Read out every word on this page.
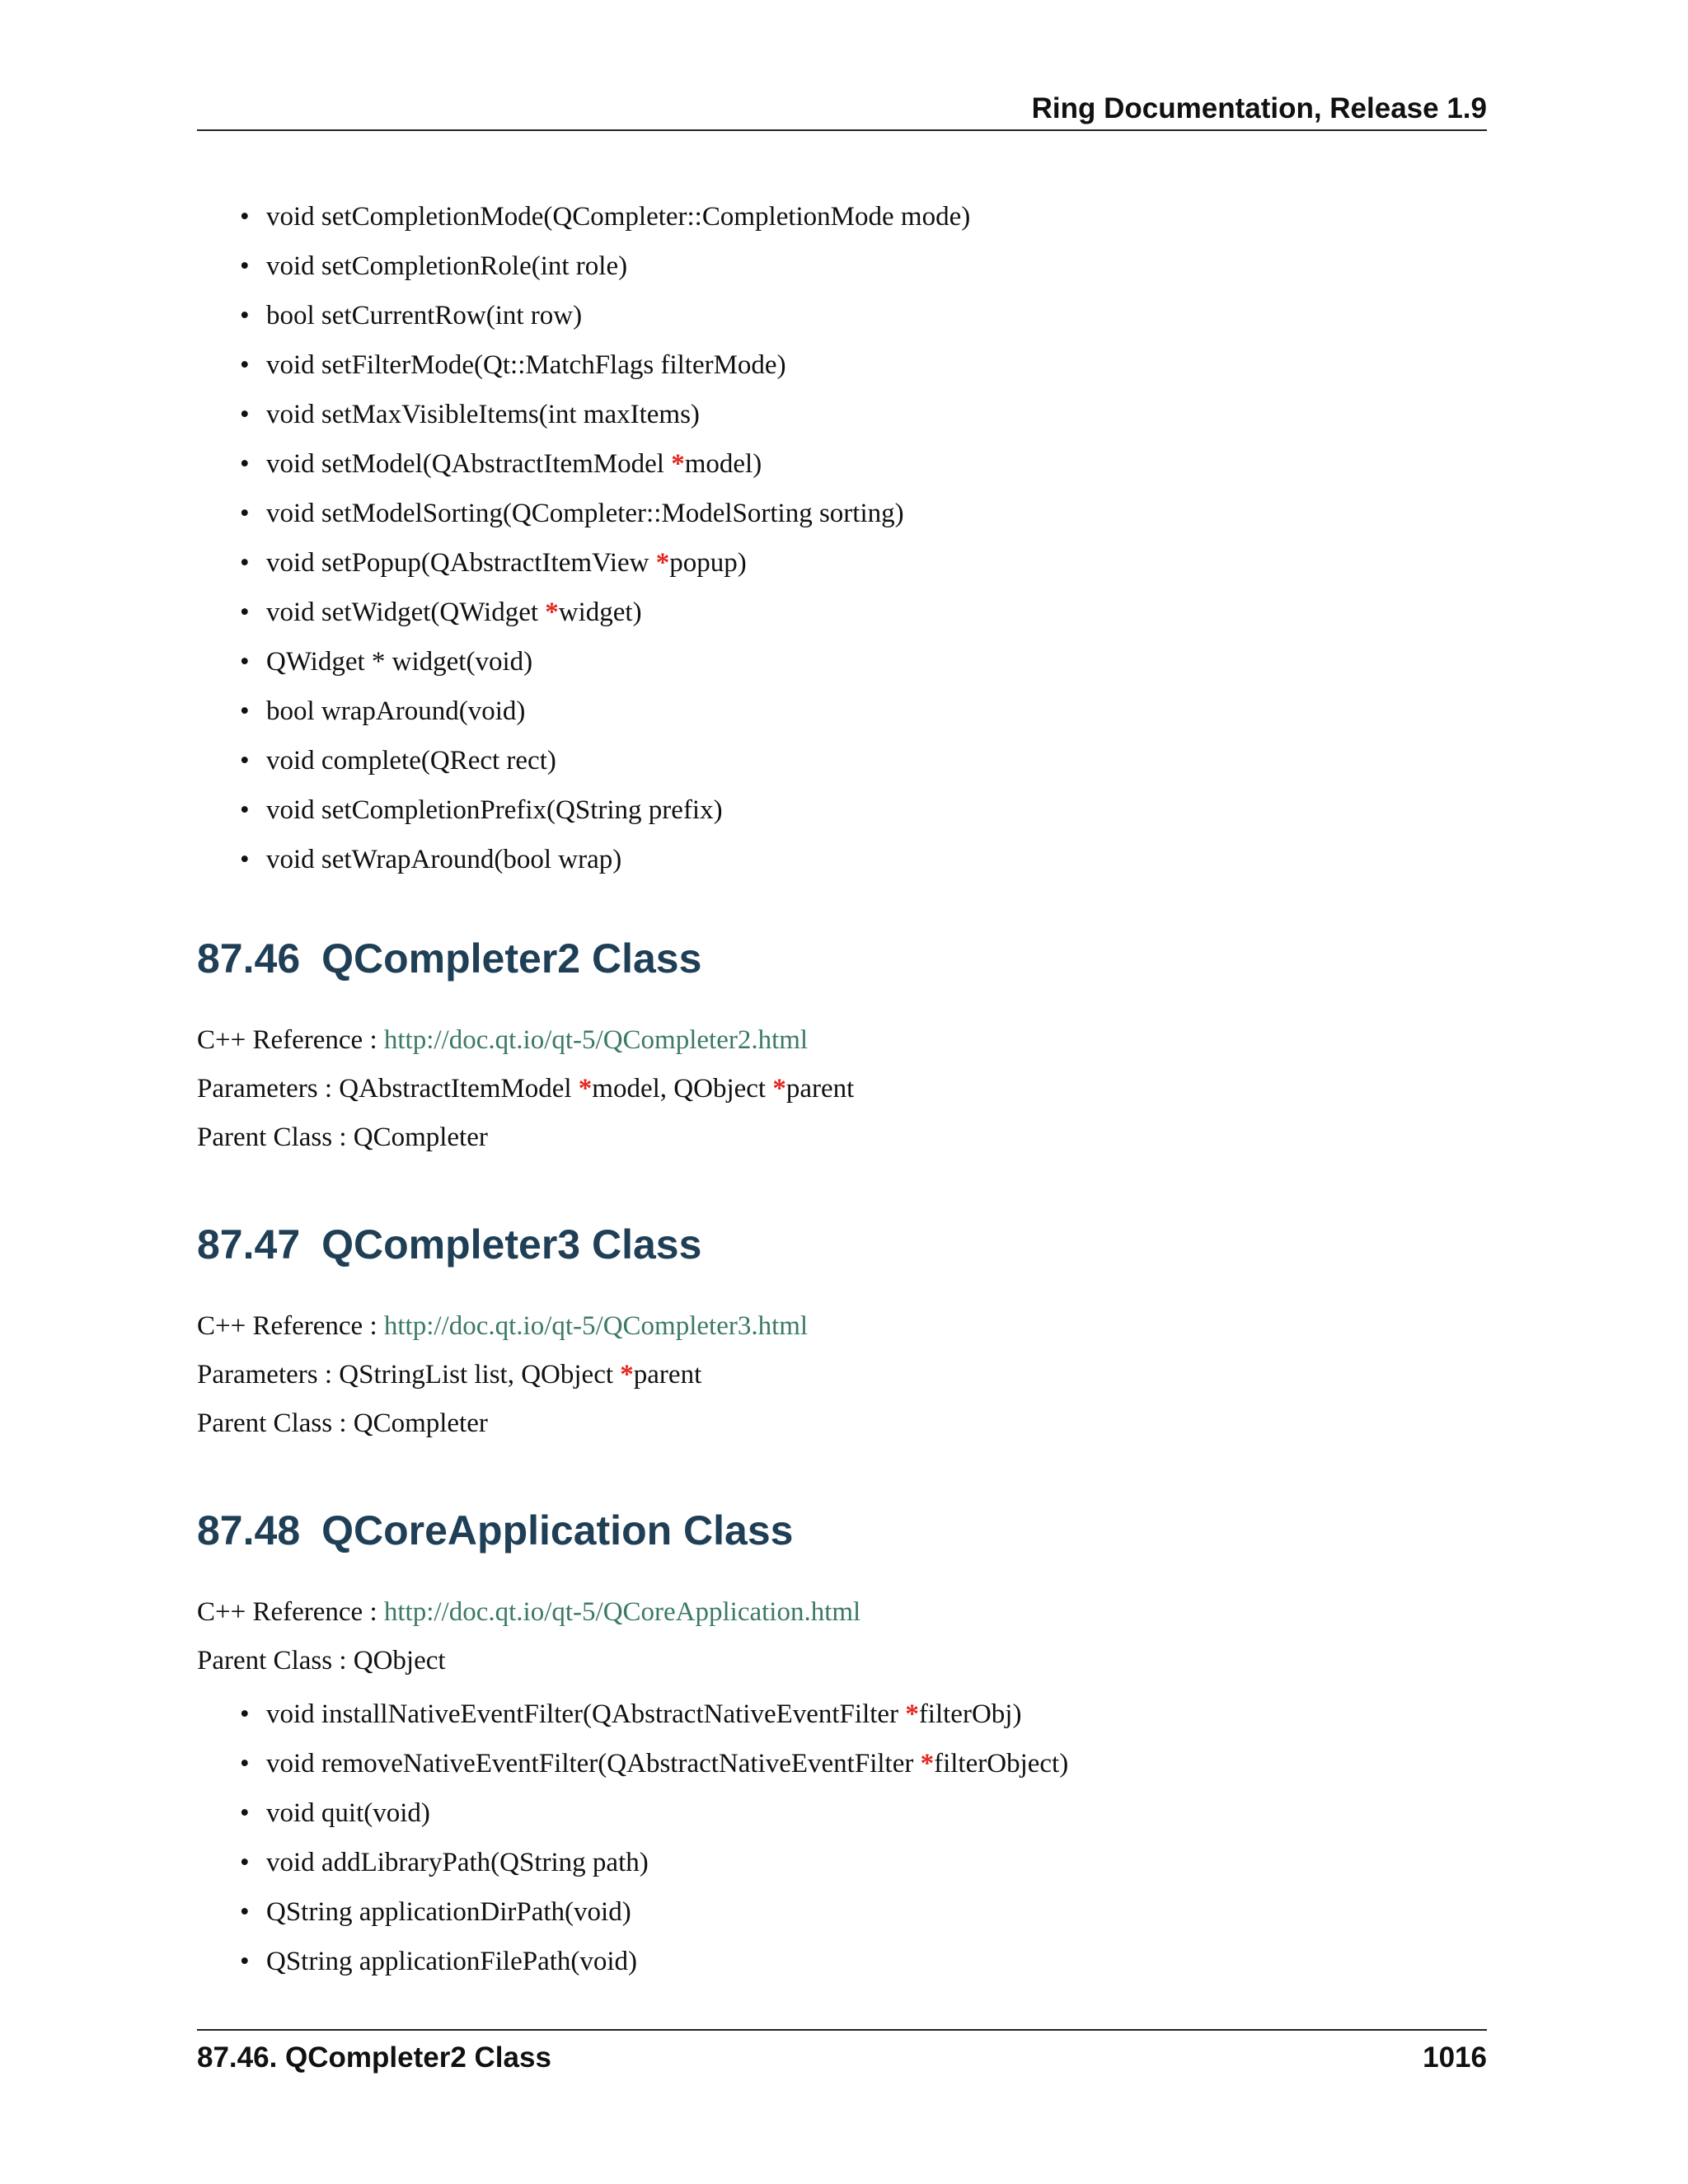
Ring Documentation, Release 1.9
• void setCompletionMode(QCompleter::CompletionMode mode)
• void setCompletionRole(int role)
• bool setCurrentRow(int row)
• void setFilterMode(Qt::MatchFlags filterMode)
• void setMaxVisibleItems(int maxItems)
• void setModel(QAbstractItemModel *model)
• void setModelSorting(QCompleter::ModelSorting sorting)
• void setPopup(QAbstractItemView *popup)
• void setWidget(QWidget *widget)
• QWidget * widget(void)
• bool wrapAround(void)
• void complete(QRect rect)
• void setCompletionPrefix(QString prefix)
• void setWrapAround(bool wrap)
87.46 QCompleter2 Class

C++ Reference : http://doc.qt.io/qt-5/QCompleter2.html

Parameters : QAbstractItemModel *model, QObject *parent

Parent Class : QCompleter

87.47 QCompleter3 Class

C++ Reference : http://doc.qt.io/qt-5/QCompleter3.html

Parameters : QStringList list, QObject *parent

Parent Class : QCompleter

87.48 QCoreApplication Class

C++ Reference : http://doc.qt.io/qt-5/QCoreApplication.html

Parent Class : QObject

• void installNativeEventFilter(QAbstractNativeEventFilter *filterObj)
• void removeNativeEventFilter(QAbstractNativeEventFilter *filterObject)
• void quit(void)
• void addLibraryPath(QString path)
• QString applicationDirPath(void)
• QString applicationFilePath(void)
87.46. QCompleter2 Class	1016
